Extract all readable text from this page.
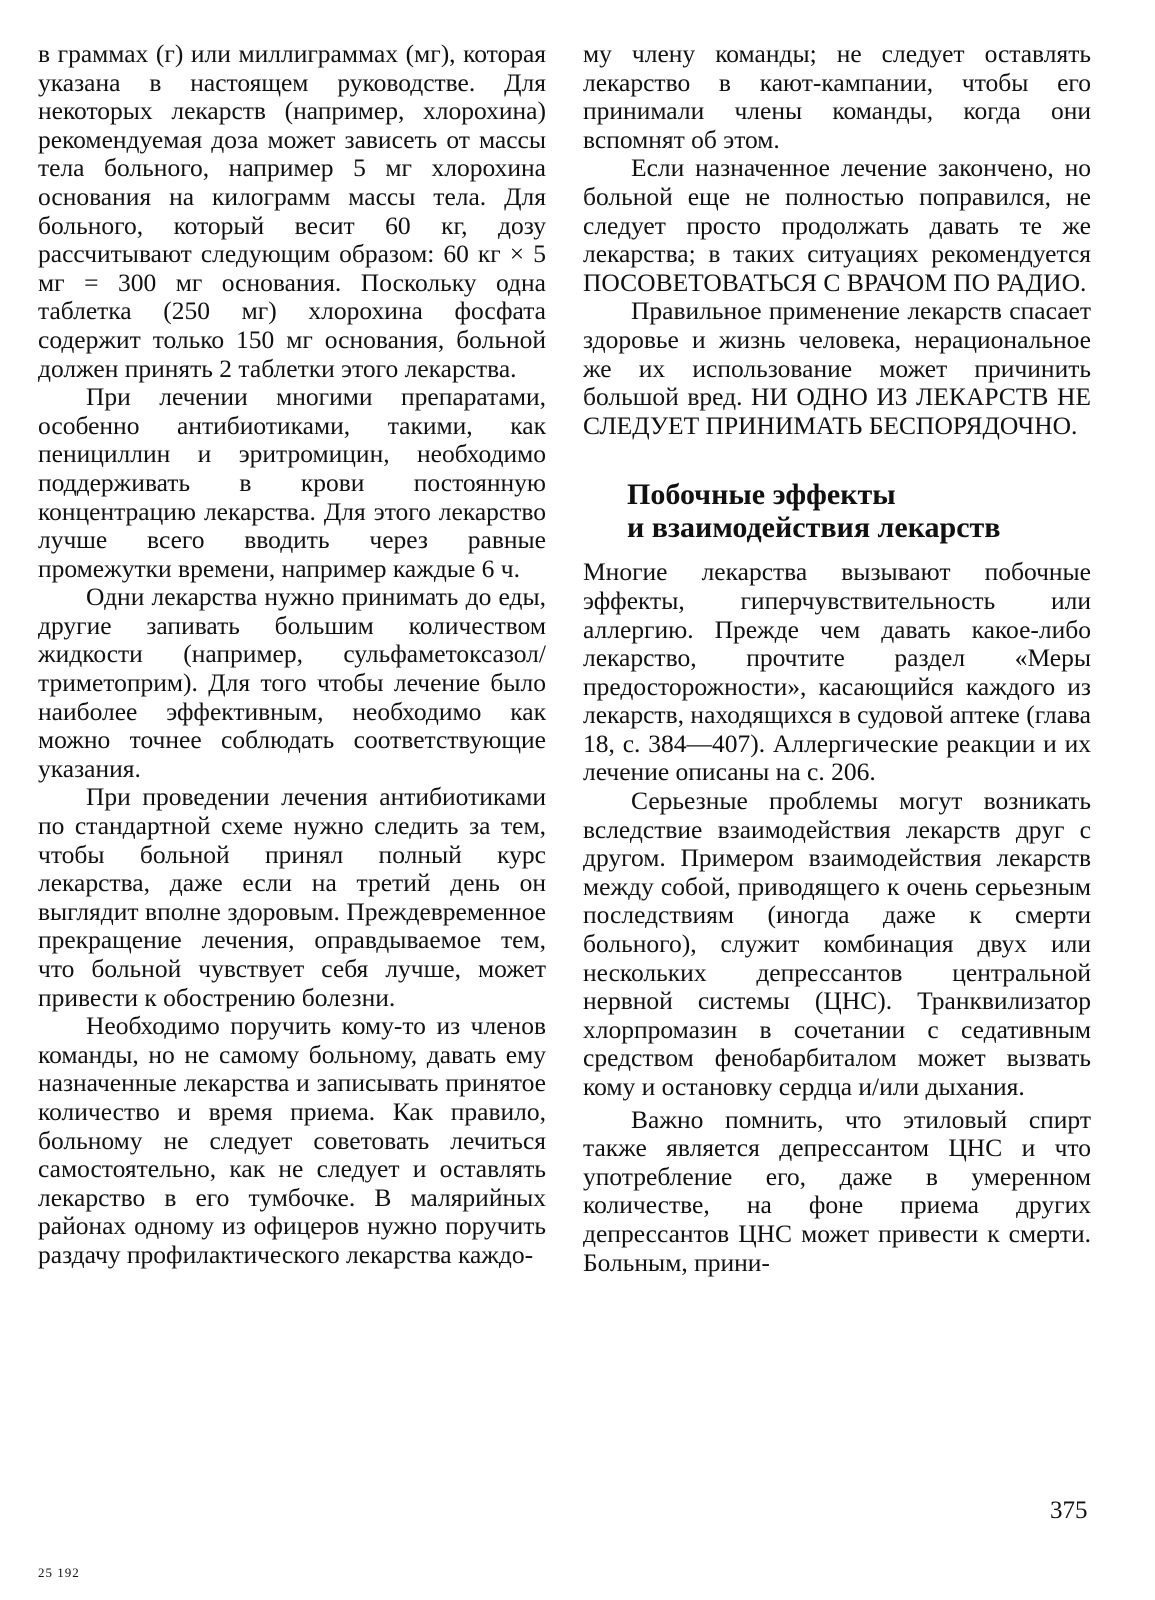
в граммах (г) или миллиграммах (мг), которая указана в настоящем руководстве. Для некоторых лекарств (например, хлорохина) рекомендуемая доза может зависеть от массы тела больного, например 5 мг хлорохина основания на килограмм массы тела. Для больного, который весит 60 кг, дозу рассчитывают следующим образом: 60 кг × 5 мг = 300 мг основания. Поскольку одна таблетка (250 мг) хлорохина фосфата содержит только 150 мг основания, больной должен принять 2 таблетки этого лекарства.

При лечении многими препаратами, особенно антибиотиками, такими, как пенициллин и эритромицин, необходимо поддерживать в крови постоянную концентрацию лекарства. Для этого лекарство лучше всего вводить через равные промежутки времени, например каждые 6 ч.

Одни лекарства нужно принимать до еды, другие запивать большим количеством жидкости (например, сульфаметоксазол/триметоприм). Для того чтобы лечение было наиболее эффективным, необходимо как можно точнее соблюдать соответствующие указания.

При проведении лечения антибиотиками по стандартной схеме нужно следить за тем, чтобы больной принял полный курс лекарства, даже если на третий день он выглядит вполне здоровым. Преждевременное прекращение лечения, оправдываемое тем, что больной чувствует себя лучше, может привести к обострению болезни.

Необходимо поручить кому-то из членов команды, но не самому больному, давать ему назначенные лекарства и записывать принятое количество и время приема. Как правило, больному не следует советовать лечиться самостоятельно, как не следует и оставлять лекарство в его тумбочке. В малярийных районах одному из офицеров нужно поручить раздачу профилактического лекарства каждо-

му члену команды; не следует оставлять лекарство в кают-кампании, чтобы его принимали члены команды, когда они вспомнят об этом.

Если назначенное лечение закончено, но больной еще не полностью поправился, не следует просто продолжать давать те же лекарства; в таких ситуациях рекомендуется ПОСОВЕТОВАТЬСЯ С ВРАЧОМ ПО РАДИО.

Правильное применение лекарств спасает здоровье и жизнь человека, нерациональное же их использование может причинить большой вред. НИ ОДНО ИЗ ЛЕКАРСТВ НЕ СЛЕДУЕТ ПРИНИМАТЬ БЕСПОРЯДОЧНО.

Побочные эффекты
и взаимодействия лекарств

Многие лекарства вызывают побочные эффекты, гиперчувствительность или аллергию. Прежде чем давать какое-либо лекарство, прочтите раздел «Меры предосторожности», касающийся каждого из лекарств, находящихся в судовой аптеке (глава 18, с. 384—407). Аллергические реакции и их лечение описаны на с. 206.

Серьезные проблемы могут возникать вследствие взаимодействия лекарств друг с другом. Примером взаимодействия лекарств между собой, приводящего к очень серьезным последствиям (иногда даже к смерти больного), служит комбинация двух или нескольких депрессантов центральной нервной системы (ЦНС). Транквилизатор хлорпромазин в сочетании с седативным средством фенобарбиталом может вызвать кому и остановку сердца и/или дыхания.

Важно помнить, что этиловый спирт также является депрессантом ЦНС и что употребление его, даже в умеренном количестве, на фоне приема других депрессантов ЦНС может привести к смерти. Больным, прини-

375
25 192
